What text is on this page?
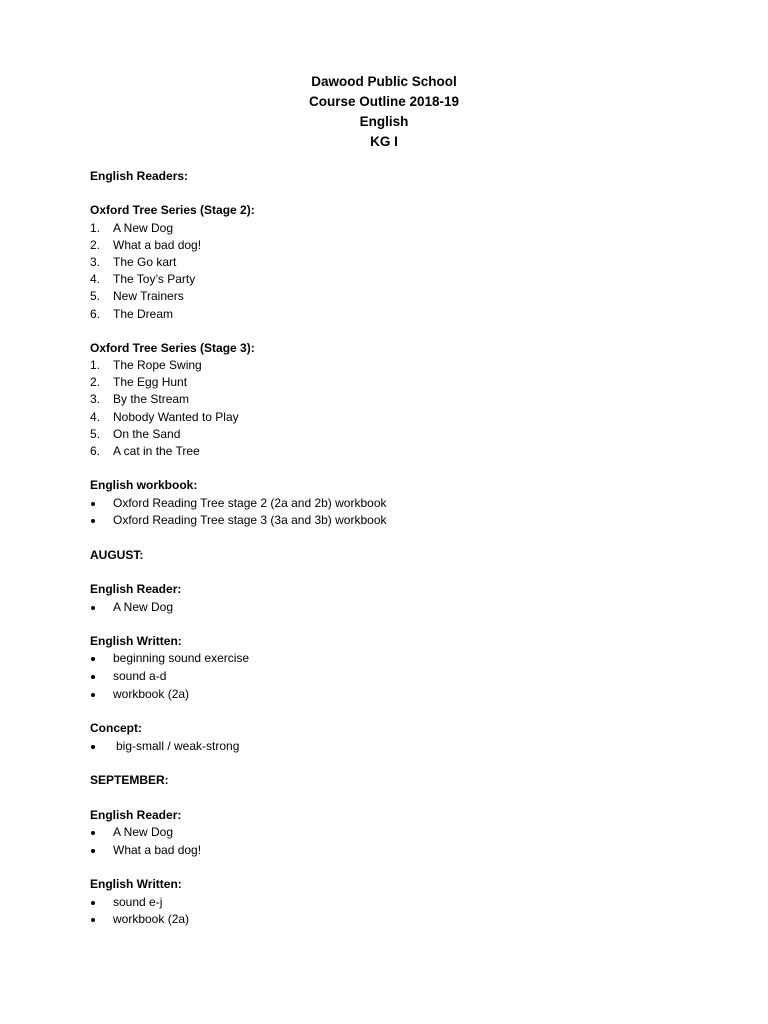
Dawood Public School
Course Outline 2018-19
English
KG I
English Readers:
Oxford Tree Series (Stage 2):
1.	A New Dog
2.	What a bad dog!
3.	The Go kart
4.	The Toy’s Party
5.	New Trainers
6.	The Dream
Oxford Tree Series (Stage 3):
1.	The Rope Swing
2.	The Egg Hunt
3.	By the Stream
4.	Nobody Wanted to Play
5.	On the Sand
6.	A cat in the Tree
English workbook:
Oxford Reading Tree stage 2 (2a and 2b) workbook
Oxford Reading Tree stage 3 (3a and 3b) workbook
AUGUST:
English Reader:
A New Dog
English Written:
beginning sound exercise
sound a-d
workbook (2a)
Concept:
big-small / weak-strong
SEPTEMBER:
English Reader:
A New Dog
What a bad dog!
English Written:
sound e-j
workbook (2a)
